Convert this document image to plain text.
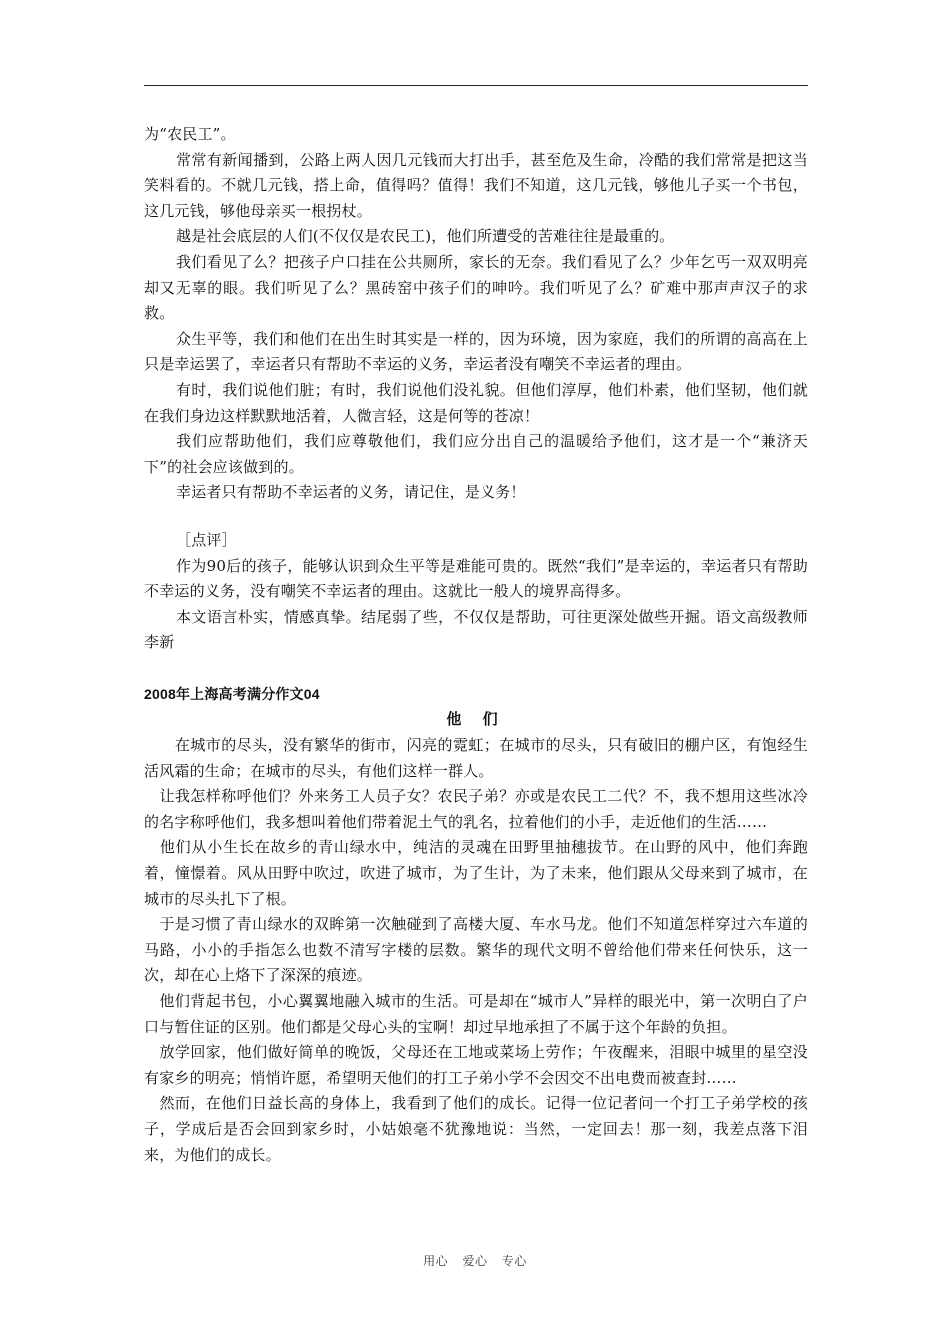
为“农民工”。

常常有新闻播到，公路上两人因几元钱而大打出手，甚至危及生命，冷酷的我们常常是把这当笑料看的。不就几元钱，搭上命，值得吗？值得！我们不知道，这几元钱，够他儿子买一个书包，这几元钱，够他母亲买一根拐杖。

越是社会底层的人们(不仅仅是农民工)，他们所遭受的苦难往往是最重的。

我们看见了么？把孩子户口挂在公共厕所，家长的无奈。我们看见了么？少年乞丐一双双明亮却又无辜的眼。我们听见了么？黑砖窑中孩子们的呻吟。我们听见了么？矿难中那声声汉子的求救。

众生平等，我们和他们在出生时其实是一样的，因为环境，因为家庭，我们的所谓的高高在上只是幸运罢了，幸运者只有帮助不幸运的义务，幸运者没有嘲笑不幸运者的理由。

有时，我们说他们脏；有时，我们说他们没礼貌。但他们淳厚，他们朴素，他们坚韧，他们就在我们身边这样默默地活着，人微言轻，这是何等的苍凉！

我们应帮助他们，我们应尊敬他们，我们应分出自己的温暖给予他们，这才是一个“兼济天下”的社会应该做到的。

幸运者只有帮助不幸运者的义务，请记住，是义务！

［点评］

作为90后的孩子，能够认识到众生平等是难能可贵的。既然“我们”是幸运的，幸运者只有帮助不幸运的义务，没有嘲笑不幸运者的理由。这就比一般人的境界高得多。

本文语言朴实，情感真挚。结尾弱了些，不仅仅是帮助，可往更深处做些开掘。语文高级教师李新

2008年上海高考满分作文04

他 们

　　在城市的尽头，没有繁华的街市，闪亮的霓虹；在城市的尽头，只有破旧的棚户区，有饱经生活风霜的生命；在城市的尽头，有他们这样一群人。

　让我怎样称呼他们？外来务工人员子女？农民子弟？亦或是农民工二代？不，我不想用这些冰冷的名字称呼他们，我多想叫着他们带着泥土气的乳名，拉着他们的小手，走近他们的生活……

　他们从小生长在故乡的青山绿水中，纯洁的灵魂在田野里抽穗拔节。在山野的风中，他们奔跑着，憧憬着。风从田野中吹过，吹进了城市，为了生计，为了未来，他们跟从父母来到了城市，在城市的尽头扎下了根。

　于是习惯了青山绿水的双眸第一次触碰到了高楼大厦、车水马龙。他们不知道怎样穿过六车道的马路，小小的手指怎么也数不清写字楼的层数。繁华的现代文明不曾给他们带来任何快乐，这一次，却在心上烙下了深深的痕迹。

　他们背起书包，小心翼翼地融入城市的生活。可是却在“城市人”异样的眼光中，第一次明白了户口与暂住证的区别。他们都是父母心头的宝啊！却过早地承担了不属于这个年龄的负担。

　放学回家，他们做好简单的晚饭，父母还在工地或菜场上劳作；午夜醒来，泪眼中城里的星空没有家乡的明亮；悄悄许愿，希望明天他们的打工子弟小学不会因交不出电费而被查封……

　然而，在他们日益长高的身体上，我看到了他们的成长。记得一位记者问一个打工子弟学校的孩子，学成后是否会回到家乡时，小姑娘毫不犹豫地说：当然，一定回去！那一刻，我差点落下泪来，为他们的成长。

用心 爱心 专心
